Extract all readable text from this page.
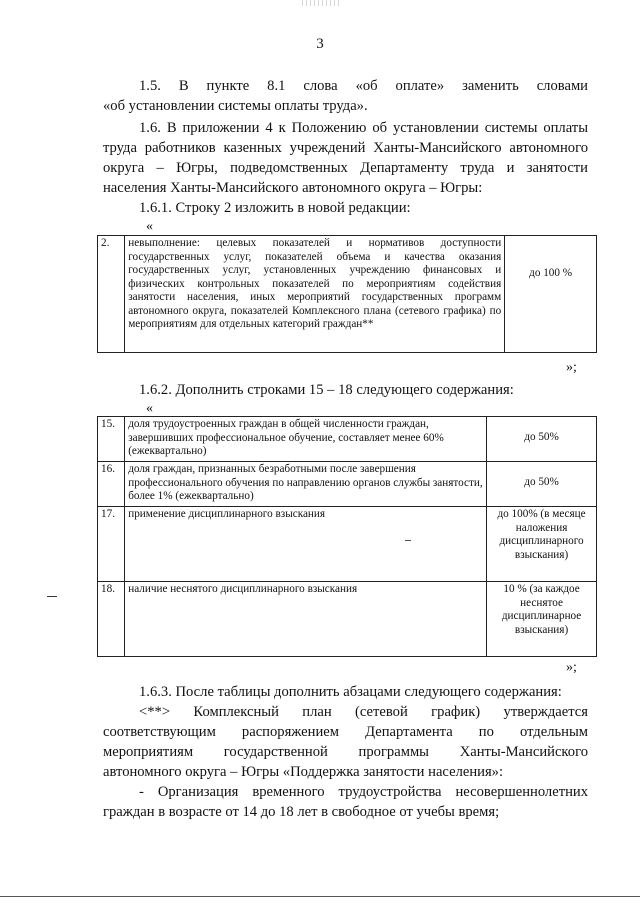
3
1.5.   В   пункте   8.1   слова   «об   оплате»   заменить   словами
«об установлении системы оплаты труда».

1.6. В приложении 4 к Положению об установлении системы оплаты труда работников казенных учреждений Ханты-Мансийского автономного округа – Югры, подведомственных Департаменту труда и занятости населения Ханты-Мансийского автономного округа – Югры:

1.6.1. Строку 2 изложить в новой редакции:

«
2.	невыполнение: целевых показателей и нормативов доступности государственных услуг, показателей объема и качества оказания государственных услуг, установленных учреждению финансовых и физических контрольных показателей по мероприятиям содействия занятости населения, иных мероприятий государственных программ автономного округа, показателей Комплексного плана (сетевого графика) по мероприятиям для отдельных категорий граждан**	до 100 %
»;

1.6.2. Дополнить строками 15 – 18 следующего содержания:

«
15.	доля трудоустроенных граждан в общей численности граждан, завершивших профессиональное обучение, составляет менее 60% (ежеквартально)	до 50%
16.	доля граждан, признанных безработными после завершения профессионального обучения по направлению органов службы занятости, более 1% (ежеквартально)	до 50%
17.	применение дисциплинарного взыскания	до 100% (в месяце наложения дисциплинарного взыскания)
18.	наличие неснятого дисциплинарного взыскания	10 % (за каждое неснятое дисциплинарное взыскания)
»;

1.6.3. После таблицы дополнить абзацами следующего содержания:

<**> Комплексный план (сетевой график) утверждается соответствующим распоряжением Департамента по отдельным мероприятиям государственной программы Ханты-Мансийского автономного округа – Югры «Поддержка занятости населения»:

- Организация временного трудоустройства несовершеннолетних граждан в возрасте от 14 до 18 лет в свободное от учебы время;
